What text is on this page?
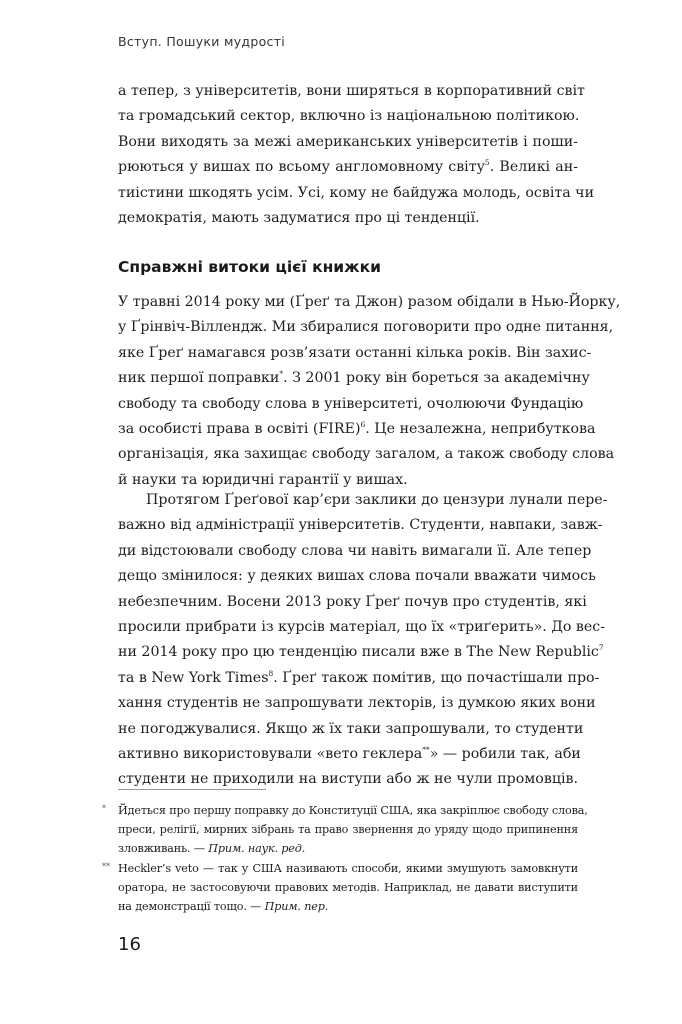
Вступ. Пошуки мудрості
а тепер, з університетів, вони ширяться в корпоративний світ
та громадський сектор, включно із національною політикою.
Вони виходять за межі американських університетів і пoши-
рюються у вишах по всьому англомовному світу$^5$. Великі ан-
тиістини шкодять усім. Усі, кому не байдужа молодь, освіта чи
демократія, мають задуматися про ці тенденції.
Справжні витоки цієї книжки
У травні 2014 року ми (Ґреґ та Джон) разом обідали в Нью-Йорку,
у Ґрінвіч-Віллендж. Ми збиралися поговорити про одне питання,
яке Ґреґ намагався розв’язати останні кілька років. Він захис-
ник першої поправки*. З 2001 року він бореться за академічну
свободу та свободу слова в університеті, очолюючи Фундацію
за особисті права в освіті (FIRE)$^6$. Це незалежна, неприбуткова
організація, яка захищає свободу загалом, а також свободу слова
й науки та юридичні гарантії у вишах.
Протягом Ґреґової кар’єри заклики до цензури лунали пере-
важно від адміністрації університетів. Студенти, навпаки, завж-
ди відстоювали свободу слова чи навіть вимагали її. Але тепер
дещо змінилося: у деяких вишах слова почали вважати чимось
небезпечним. Восени 2013 року Ґреґ почув про студентів, які
просили прибрати із курсів матеріал, що їх «триґерить». До вес-
ни 2014 року про цю тенденцію писали вже в The New Republic$^7$
та в New York Times$^8$. Ґреґ також помітив, що почастішали про-
хання студентів не запрошувати лекторів, із думкою яких вони
не погоджувалися. Якщо ж їх таки запрошували, то студенти
активно використовували «вето геклера**» — робили так, аби
студенти не приходили на виступи або ж не чули промовців.
* Йдеться про першу поправку до Конституції США, яка закріплює свободу слова,
преси, релігії, мирних зібрань та право звернення до уряду щодо припинення
зловживань. — Прим. наук. ред.
** Heckler’s veto — так у США називають способи, якими змушують замовкнути
оратора, не застосовуючи правових методів. Наприклад, не давати виступити
на демонстрації тощо. — Прим. пер.
16
